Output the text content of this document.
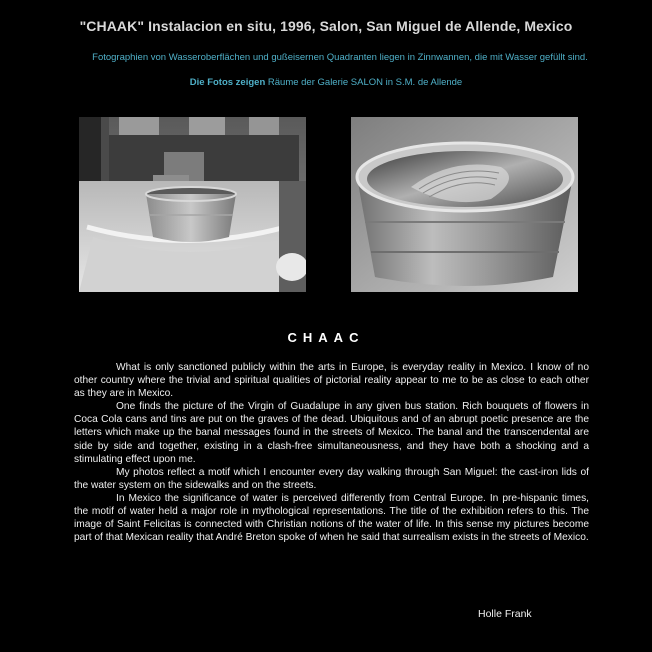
"CHAAK" Instalacion en situ, 1996, Salon, San Miguel de Allende, Mexico
Fotographien von Wasseroberflächen und gußeisernen Quadranten liegen in Zinnwannen, die mit Wasser gefüllt sind.
Die Fotos zeigen Räume der Galerie SALON in S.M. de Allende
CHAAC

What is only sanctioned publicly within the arts in Europe, is everyday reality in Mexico. I know of no other country where the trivial and spiritual qualities of pictorial reality appear to me to be as close to each other as they are in Mexico.

One finds the picture of the Virgin of Guadalupe in any given bus station. Rich bouquets of flowers in Coca Cola cans and tins are put on the graves of the dead. Ubiquitous and of an abrupt poetic presence are the letters which make up the banal messages found in the streets of Mexico. The banal and the transcendental are side by side and together, existing in a clash-free simultaneousness, and they have both a shocking and a stimulating effect upon me.

My photos reflect a motif which I encounter every day walking through San Miguel: the cast-iron lids of the water system on the sidewalks and on the streets.

In Mexico the significance of water is perceived differently from Central Europe. In pre-hispanic times, the motif of water held a major role in mythological representations. The title of the exhibition refers to this. The image of Saint Felicitas is connected with Christian notions of the water of life. In this sense my pictures become part of that Mexican reality that André Breton spoke of when he said that surrealism exists in the streets of Mexico.

Holle Frank
